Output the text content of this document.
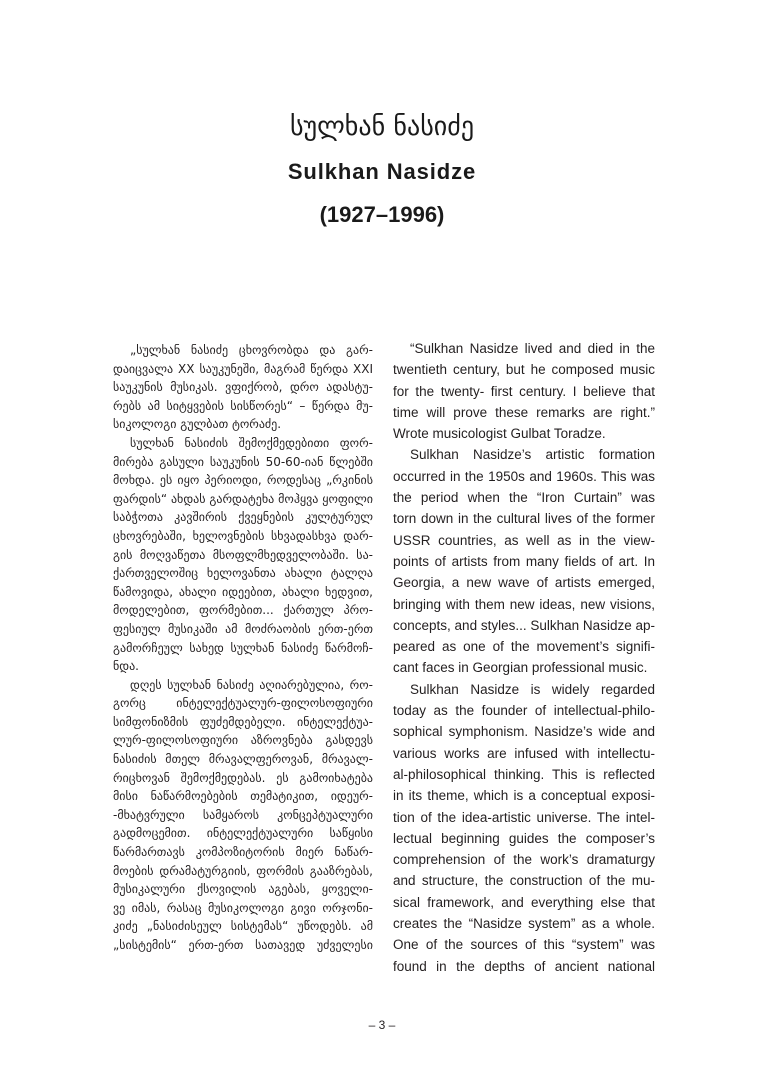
სულხან ნასიძე
Sulkhan Nasidze
(1927–1996)
„სულხან ნასიძე ცხოვრობდა და გარ-
დაიცვალა XX საუკუნეში, მაგრამ წერდა XXI
საუკუნის მუსიკას. ვფიქრობ, დრო ადასტუ-
რებს ამ სიტყვების სისწორეს“ – წერდა მუ-
სიკოლოგი გულბათ ტორაძე.
სულხან ნასიძის შემოქმედებითი ფორ-
მირება გასული საუკუნის 50-60-იან წლებში
მოხდა. ეს იყო პერიოდი, როდესაც „რკინის
ფარდის“ ახდას გარდატეხა მოჰყვა ყოფილი
საბჭოთა კავშირის ქვეყნების კულტურულ
ცხოვრებაში, ხელოვნების სხვადასხვა დარ-
გის მოღვაწეთა მსოფლმხედველობაში. სა-
ქართველოშიც ხელოვანთა ახალი ტალღა
წამოვიდა, ახალი იდეებით, ახალი ხედვით,
მოდელებით, ფორმებით... ქართულ პრო-
ფესიულ მუსიკაში ამ მოძრაობის ერთ-ერთ
გამორჩეულ სახედ სულხან ნასიძე წარმოჩ-
ნდა.
დღეს სულხან ნასიძე აღიარებულია, რო-
გორც ინტელექტუალურ-ფილოსოფიური
სიმფონიზმის ფუძემდებელი. ინტელექტუა-
ლურ-ფილოსოფიური აზროვნება გასდევს
ნასიძის მთელ მრავალფეროვან, მრავალ-
რიცხოვან შემოქმედებას. ეს გამოიხატება
მისი ნაწარმოებების თემატიკით, იდეურ-
-მხატვრული სამყაროს კონცეპტუალური
გადმოცემით. ინტელექტუალური საწყისი
წარმართავს კომპოზიტორის მიერ ნაწარ-
მოების დრამატურგიის, ფორმის გააზრებას,
მუსიკალური ქსოვილის აგებას, ყოველი-
ვე იმას, რასაც მუსიკოლოგი გივი ორჯონი-
კიძე „ნასიძისეულ სისტემას“ უწოდებს. ამ
„სისტემის“ ერთ-ერთ სათავედ უძველესი
“Sulkhan Nasidze lived and died in the
twentieth century, but he composed music
for the twenty- first century. I believe that
time will prove these remarks are right.”
Wrote musicologist Gulbat Toradze.
Sulkhan Nasidze’s artistic formation
occurred in the 1950s and 1960s. This was
the period when the “Iron Curtain” was
torn down in the cultural lives of the former
USSR countries, as well as in the view-
points of artists from many fields of art. In
Georgia, a new wave of artists emerged,
bringing with them new ideas, new visions,
concepts, and styles... Sulkhan Nasidze ap-
peared as one of the movement’s signifi-
cant faces in Georgian professional music.
Sulkhan Nasidze is widely regarded
today as the founder of intellectual-philo-
sophical symphonism. Nasidze’s wide and
various works are infused with intellectu-
al-philosophical thinking. This is reflected
in its theme, which is a conceptual exposi-
tion of the idea-artistic universe. The intel-
lectual beginning guides the composer’s
comprehension of the work’s dramaturgy
and structure, the construction of the mu-
sical framework, and everything else that
creates the “Nasidze system” as a whole.
One of the sources of this “system” was
found in the depths of ancient national
– 3 –
